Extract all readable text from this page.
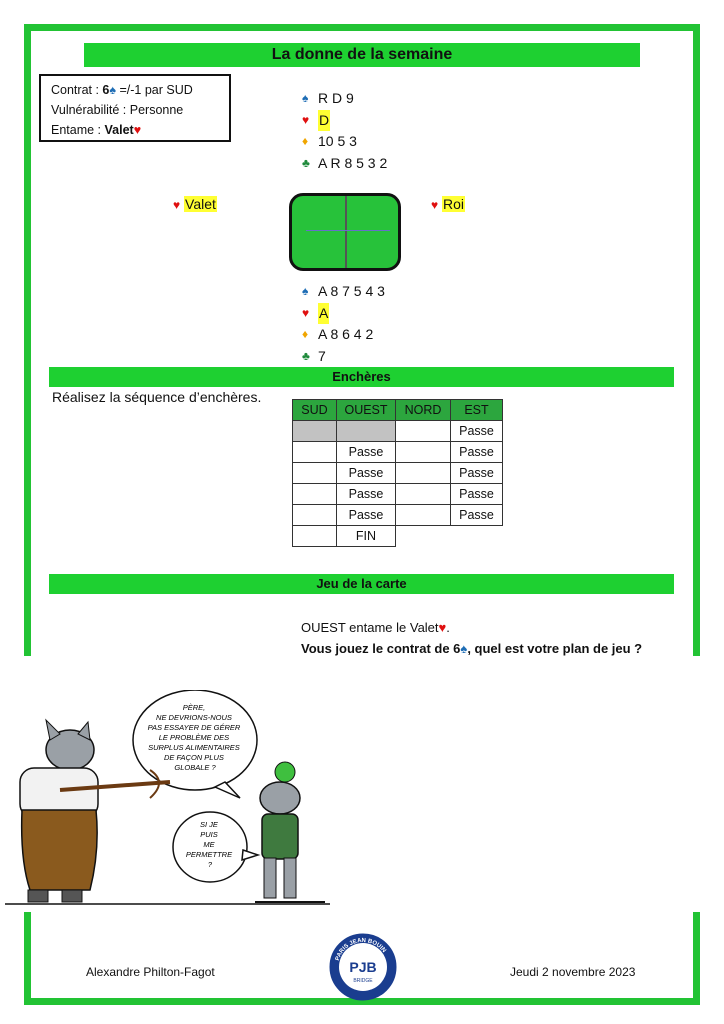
La donne de la semaine
Contrat : 6♠ =/-1 par SUD
Vulnérabilité : Personne
Entame : Valet♥
♠ R D 9
♥ D
♦ 10 5 3
♣ A R 8 5 3 2
♥ Valet	♥ Roi
♠ A 8 7 5 4 3
♥ A
♦ A 8 6 4 2
♣ 7
Enchères
Réalisez la séquence d’enchères.
SUD	OUEST	NORD	EST
			Passe
	Passe		Passe
	Passe		Passe
	Passe		Passe
	Passe		Passe
	FIN		
Jeu de la carte
OUEST entame le Valet♥.
Vous jouez le contrat de 6♠, quel est votre plan de jeu ?
PÈRE, NE DEVRIONS-NOUS PAS ESSAYER DE GÉRER LE PROBLÈME DES SURPLUS ALIMENTAIRES DE FAÇON PLUS GLOBALE ?
SI JE PUIS ME PERMETTRE ?
Alexandre Philton-Fagot	Jeudi 2 novembre 2023
PARIS JEAN BOUIN
PJB
BRIDGE
